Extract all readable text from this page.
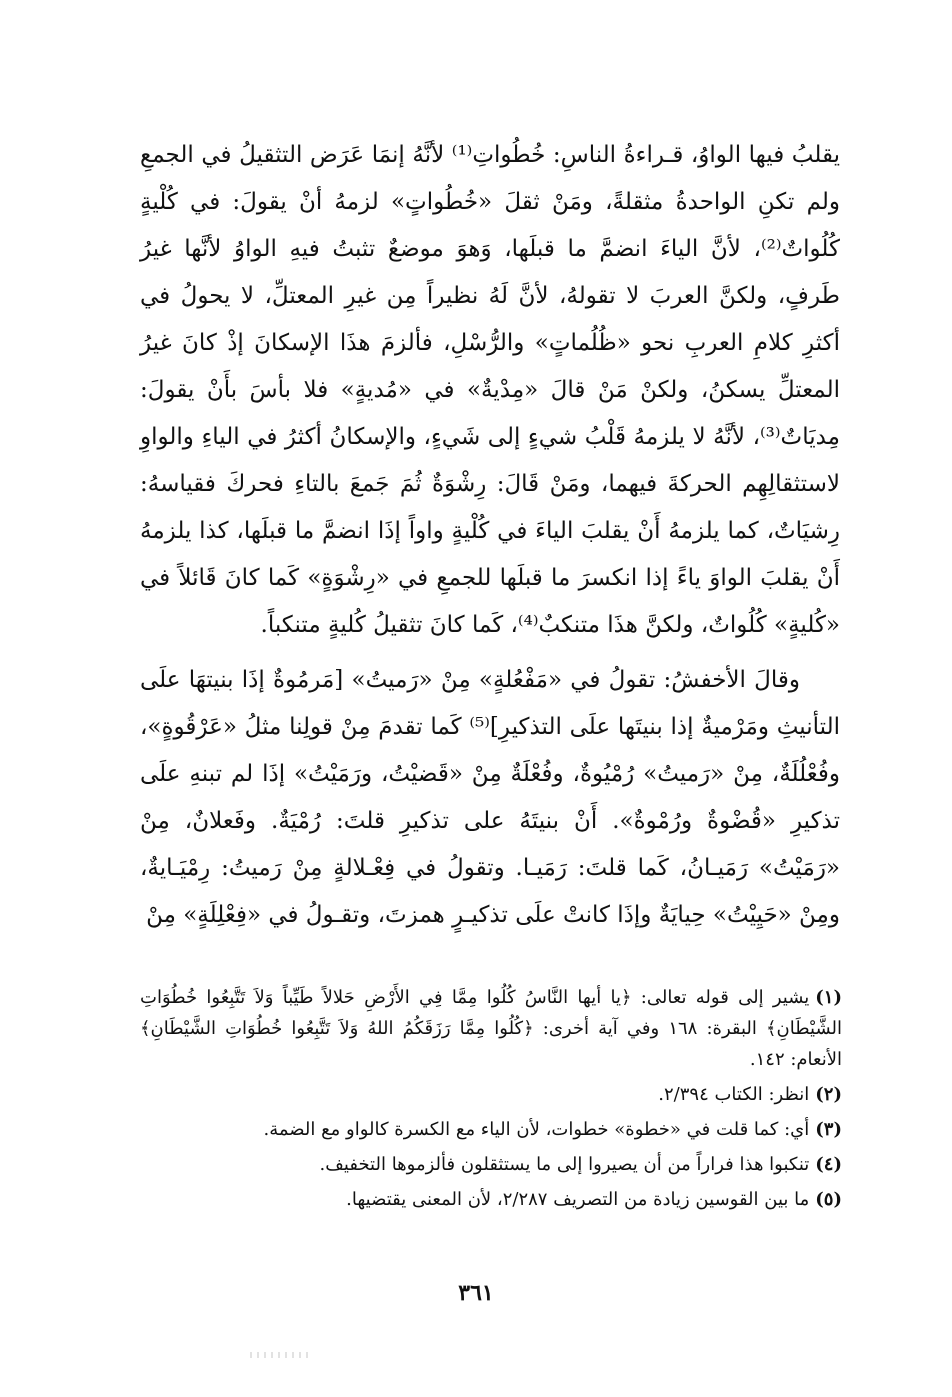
يقلبُ فيها الواوُ، قـراءةُ الناسِ: خُطُواتِ⁽¹⁾ لأنَّهُ إنمَا عَرَض التثقيلُ في الجمعِ ولم تكنِ الواحدةُ مثقلةً، ومَنْ ثقلَ «خُطُواتٍ» لزمهُ أنْ يقولَ: في كُلْيةٍ كُلُواتٌ⁽²⁾، لأنَّ الياءَ انضمَّ ما قبلَها، وَهوَ موضعٌ تثبتُ فيهِ الواوُ لأنَّها غيرُ طَرفٍ، ولكنَّ العربَ لا تقولهُ، لأنَّ لَهُ نظيراً مِن غيرِ المعتلِّ، لا يحولُ في أكثرِ كلامِ العربِ نحو «ظُلُماتٍ» والرُّسْلِ، فألزمَ هذَا الإسكانَ إذْ كانَ غيرُ المعتلِّ يسكنُ، ولكنْ مَنْ قالَ «مِدْيةٌ» في «مُديةٍ» فلا بأسَ بأَنْ يقولَ: مِديَاتٌ⁽³⁾، لأنَّهُ لا يلزمهُ قَلْبُ شيءٍ إلى شَيءٍ، والإسكانُ أكثرُ في الياءِ والواوِ لاستثقالِهِم الحركةَ فيهما، ومَنْ قَالَ: رِشْوَةٌ ثُمَ جَمعَ بالتاءِ فحركَ فقياسهُ: رِشيَاتٌ، كما يلزمهُ أَنْ يقلبَ الياءَ في كُلْيةٍ واواً إذَا انضمَّ ما قبلَها، كذا يلزمهُ أَنْ يقلبَ الواوَ ياءً إذا انكسرَ ما قبلَها للجمعِ في «رِشْوَةٍ» كَما كانَ قَائلاً في «كُليةٍ» كُلُواتٌ، ولكنَّ هذَا متنكبٌ⁽⁴⁾، كَما كانَ تثقيلُ كُليةٍ متنكباً.

وقالَ الأخفشُ: تقولُ في «مَفْعُلةٍ» مِنْ «رَميتُ» [مَرمُوةٌ إذَا بنيتهَا علَى التأنيثِ ومَرْميةٌ إذا بنيتَها علَى التذكيرِ]⁽⁵⁾ كَما تقدمَ مِنْ قولِنا مثلُ «عَرْقُوةٍ»، وفُعْلُلَةٌ، مِنْ «رَميتُ» رُمْيُوةٌ، وفُعْلَةٌ مِنْ «قَضيْتُ، ورَمَيْتُ» إذَا لم تبنهِ علَى تذكيرِ «قُضْوةٌ ورُمْوةٌ». أَنْ بنيتَهُ على تذكيرِ قلتَ: رُمْيَةٌ. وفَعلانٌ، مِنْ «رَمَيْتُ» رَمَيـانُ، كَما قلتَ: رَمَيـا. وتقولُ في فِعْـلالةٍ مِنْ رَميتُ: رِمْيَـايةٌ، ومِنْ «حَيِيْتُ» حِيايَةٌ وإذَا كانتْ علَى تذكيـرٍ همزتَ، وتقـولُ في «فِعْلِلَةٍ» مِنْ

(١)يشير إلى قوله تعالى: ﴿يا أيها النَّاسُ كُلُوا مِمَّا فِي الأَرْضِ حَلالاً طَيِّباً وَلاَ تَتَّبِعُوا خُطُوَاتِ الشَّيْطَانِ﴾ البقرة: ١٦٨ وفي آية أخرى: ﴿كُلُوا مِمَّا رَزَقَكُمُ اللهُ وَلاَ تَتَّبِعُوا خُطُوَاتِ الشَّيْطَانِ﴾ الأنعام: ١٤٢.

(٢)انظر: الكتاب ٢/٣٩٤.

(٣)أي: كما قلت في «خطوة» خطوات، لأن الياء مع الكسرة كالواو مع الضمة.

(٤)تنكبوا هذا فراراً من أن يصيروا إلى ما يستثقلون فألزموها التخفيف.

(٥)ما بين القوسين زيادة من التصريف ٢/٢٨٧، لأن المعنى يقتضيها.

٣٦١
